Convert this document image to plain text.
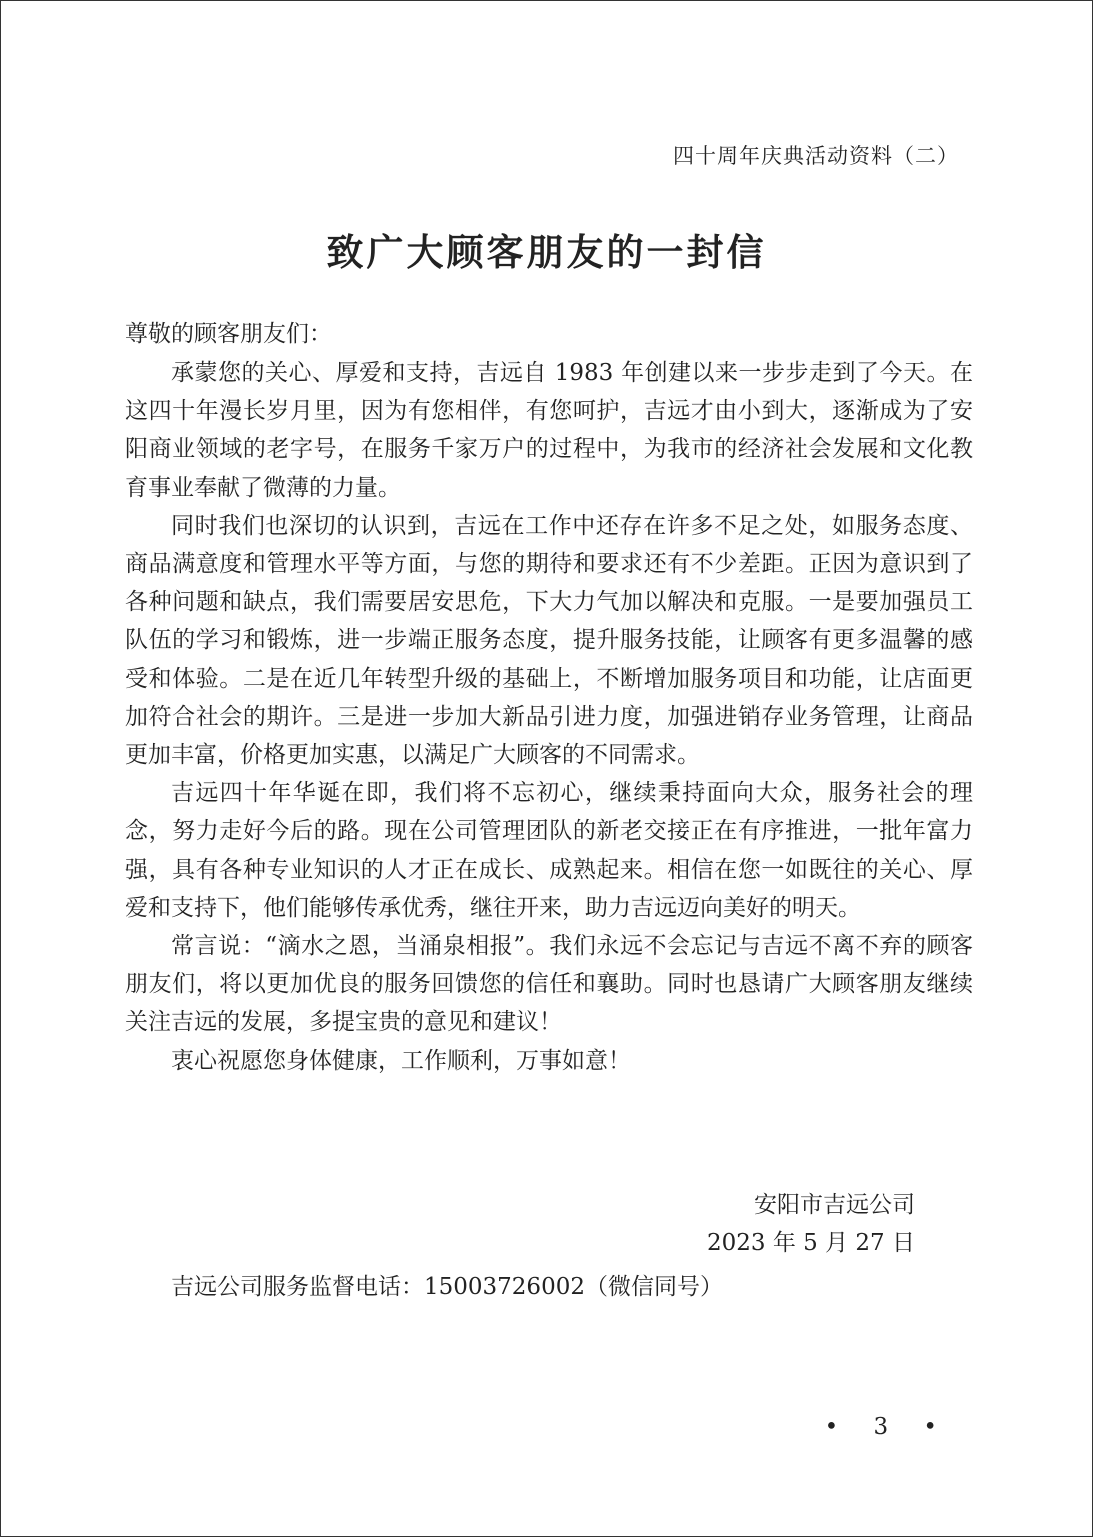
四十周年庆典活动资料（二）
致广大顾客朋友的一封信
尊敬的顾客朋友们：

承蒙您的关心、厚爱和支持，吉远自 1983 年创建以来一步步走到了今天。在这四十年漫长岁月里，因为有您相伴，有您呵护，吉远才由小到大，逐渐成为了安阳商业领域的老字号，在服务千家万户的过程中，为我市的经济社会发展和文化教育事业奉献了微薄的力量。

同时我们也深切的认识到，吉远在工作中还存在许多不足之处，如服务态度、商品满意度和管理水平等方面，与您的期待和要求还有不少差距。正因为意识到了各种问题和缺点，我们需要居安思危，下大力气加以解决和克服。一是要加强员工队伍的学习和锻炼，进一步端正服务态度，提升服务技能，让顾客有更多温馨的感受和体验。二是在近几年转型升级的基础上，不断增加服务项目和功能，让店面更加符合社会的期许。三是进一步加大新品引进力度，加强进销存业务管理，让商品更加丰富，价格更加实惠，以满足广大顾客的不同需求。

吉远四十年华诞在即，我们将不忘初心，继续秉持面向大众，服务社会的理念，努力走好今后的路。现在公司管理团队的新老交接正在有序推进，一批年富力强，具有各种专业知识的人才正在成长、成熟起来。相信在您一如既往的关心、厚爱和支持下，他们能够传承优秀，继往开来，助力吉远迈向美好的明天。

常言说：“滴水之恩，当涌泉相报”。我们永远不会忘记与吉远不离不弃的顾客朋友们，将以更加优良的服务回馈您的信任和襄助。同时也恳请广大顾客朋友继续关注吉远的发展，多提宝贵的意见和建议！

衷心祝愿您身体健康，工作顺利，万事如意！

安阳市吉远公司
2023 年 5 月 27 日
吉远公司服务监督电话：15003726002（微信同号）
• 3 •
